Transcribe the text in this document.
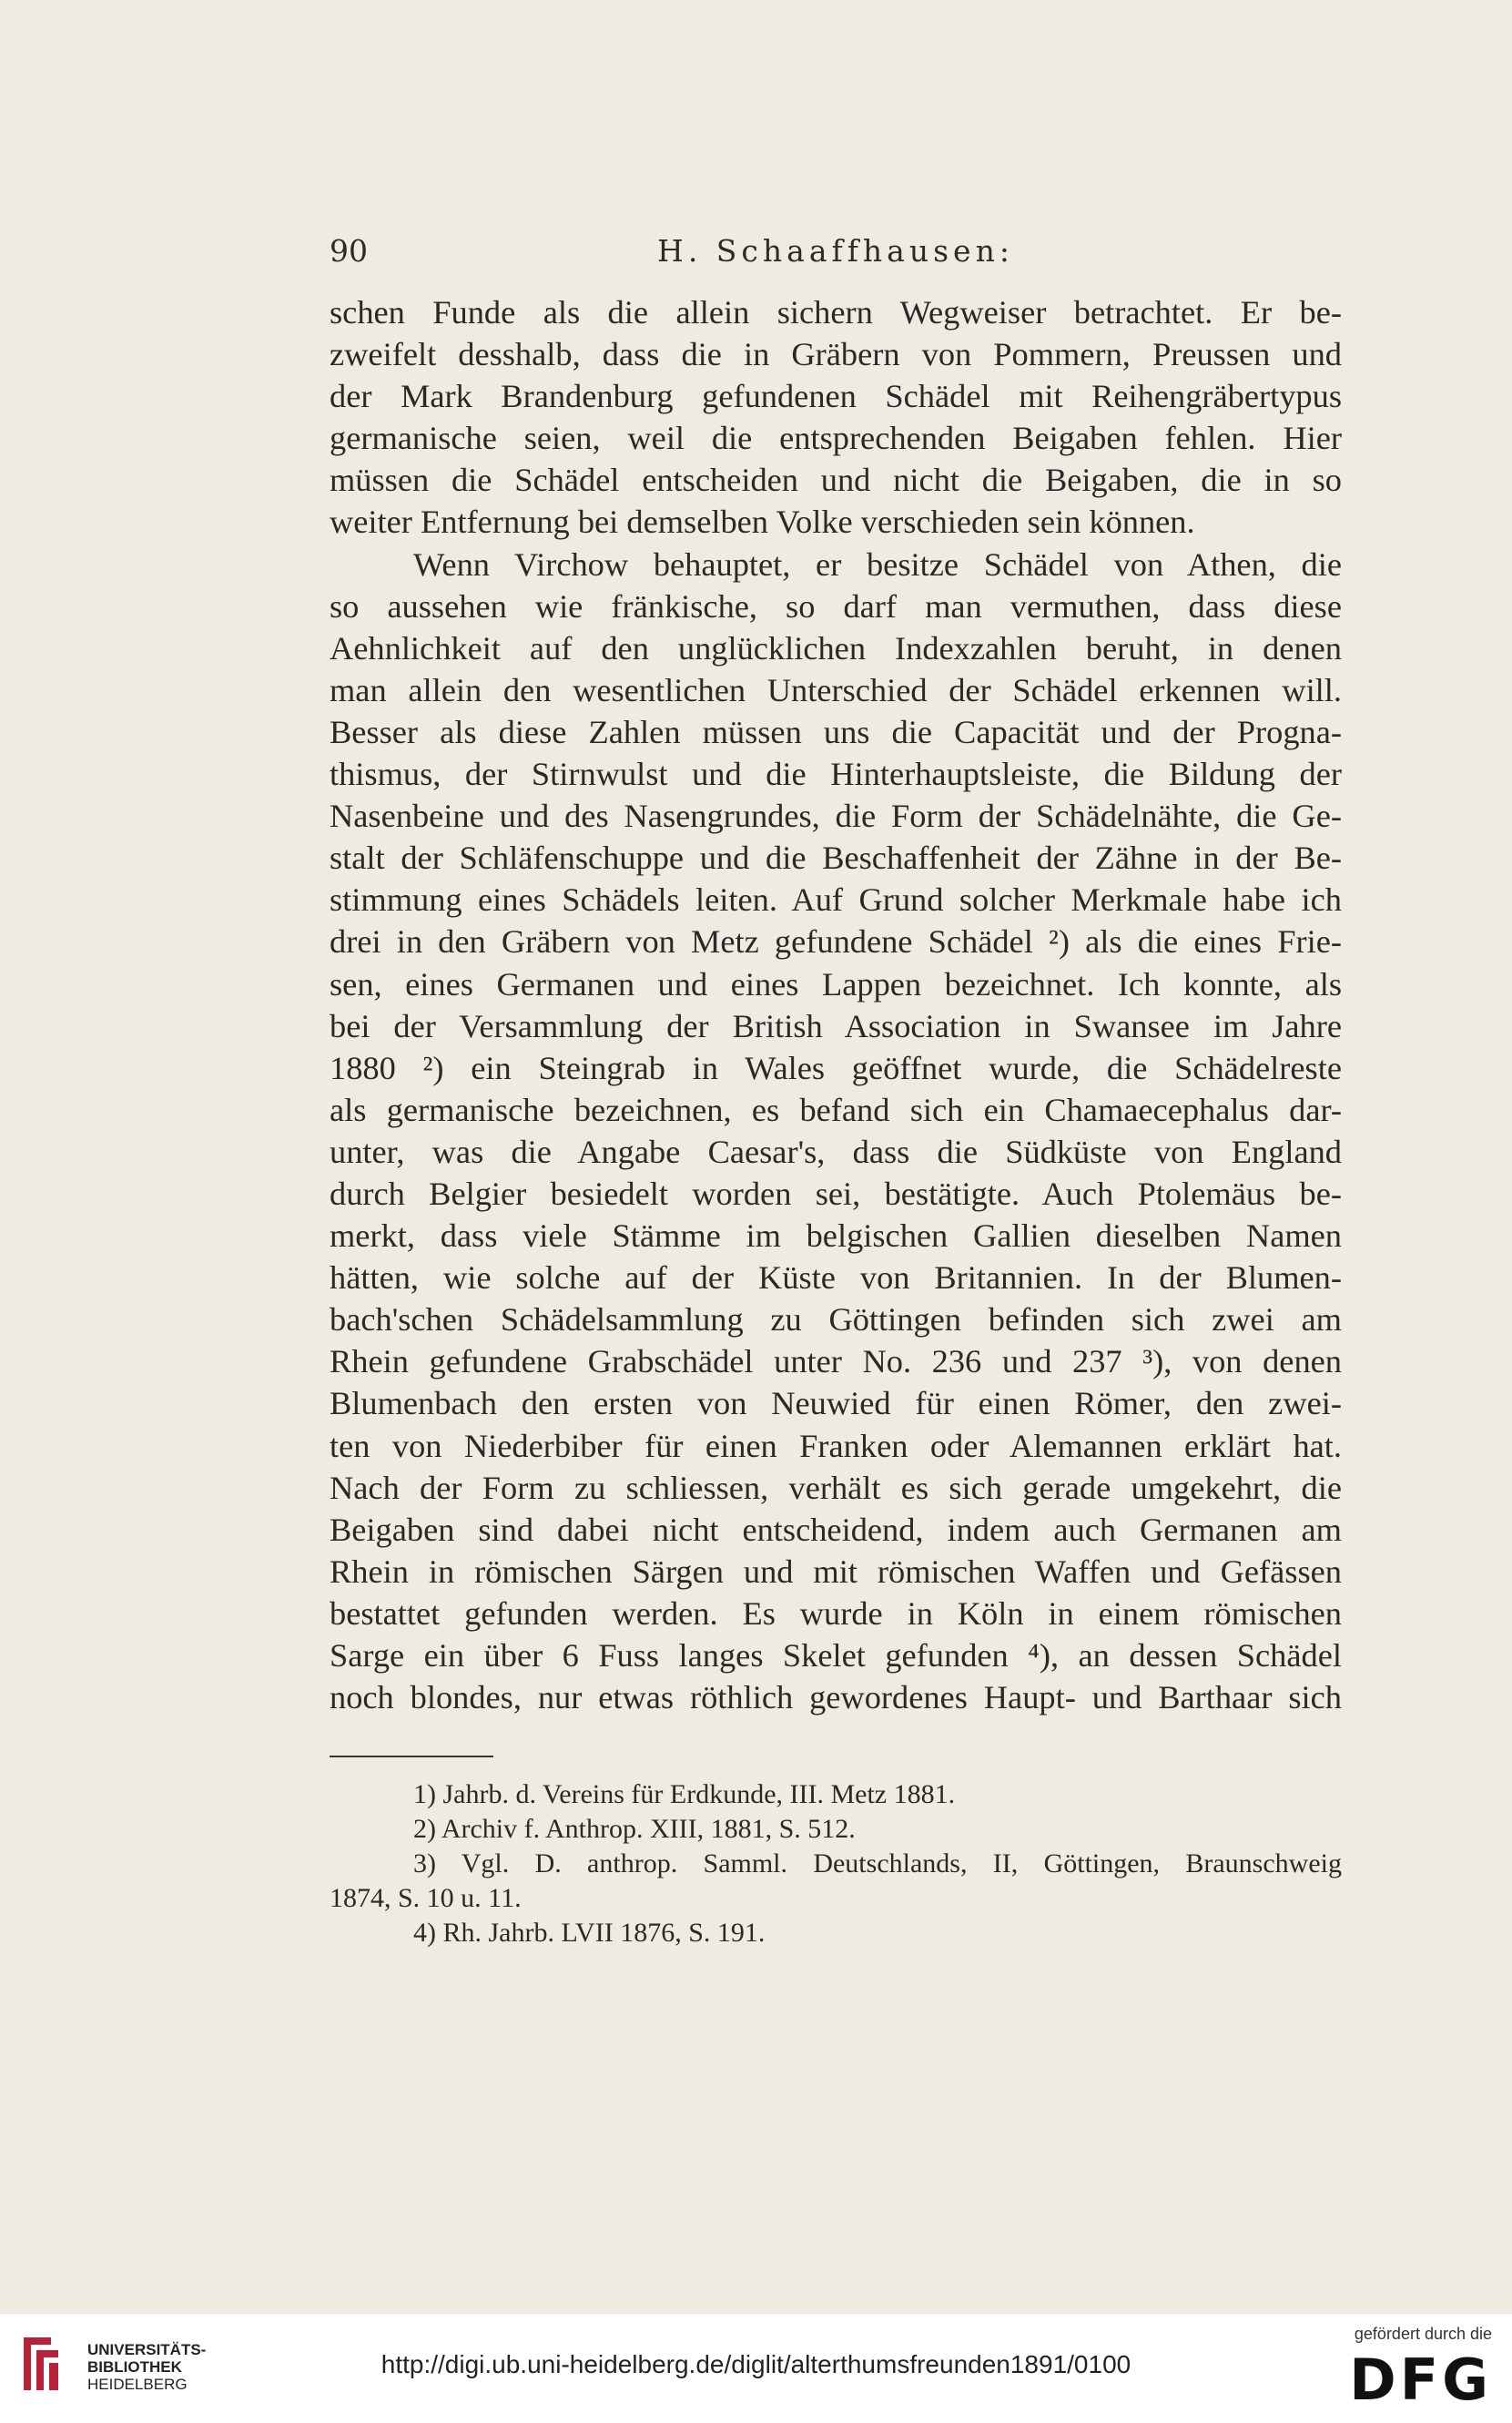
90	H. Schaaffhausen:
schen Funde als die allein sichern Wegweiser betrachtet. Er be-
zweifelt desshalb, dass die in Gräbern von Pommern, Preussen und
der Mark Brandenburg gefundenen Schädel mit Reihengräbertypus
germanische seien, weil die entsprechenden Beigaben fehlen. Hier
müssen die Schädel entscheiden und nicht die Beigaben, die in so
weiter Entfernung bei demselben Volke verschieden sein können.
Wenn Virchow behauptet, er besitze Schädel von Athen, die
so aussehen wie fränkische, so darf man vermuthen, dass diese
Aehnlichkeit auf den unglücklichen Indexzahlen beruht, in denen
man allein den wesentlichen Unterschied der Schädel erkennen will.
Besser als diese Zahlen müssen uns die Capacität und der Progna-
thismus, der Stirnwulst und die Hinterhauptsleiste, die Bildung der
Nasenbeine und des Nasengrundes, die Form der Schädelnähte, die Ge-
stalt der Schläfenschuppe und die Beschaffenheit der Zähne in der Be-
stimmung eines Schädels leiten. Auf Grund solcher Merkmale habe ich
drei in den Gräbern von Metz gefundene Schädel ²) als die eines Frie-
sen, eines Germanen und eines Lappen bezeichnet. Ich konnte, als
bei der Versammlung der British Association in Swansee im Jahre
1880 ²) ein Steingrab in Wales geöffnet wurde, die Schädelreste
als germanische bezeichnen, es befand sich ein Chamaecephalus dar-
unter, was die Angabe Caesar's, dass die Südküste von England
durch Belgier besiedelt worden sei, bestätigte. Auch Ptolemäus be-
merkt, dass viele Stämme im belgischen Gallien dieselben Namen
hätten, wie solche auf der Küste von Britannien. In der Blumen-
bach'schen Schädelsammlung zu Göttingen befinden sich zwei am
Rhein gefundene Grabschädel unter No. 236 und 237 ³), von denen
Blumenbach den ersten von Neuwied für einen Römer, den zwei-
ten von Niederbiber für einen Franken oder Alemannen erklärt hat.
Nach der Form zu schliessen, verhält es sich gerade umgekehrt, die
Beigaben sind dabei nicht entscheidend, indem auch Germanen am
Rhein in römischen Särgen und mit römischen Waffen und Gefässen
bestattet gefunden werden. Es wurde in Köln in einem römischen
Sarge ein über 6 Fuss langes Skelet gefunden ⁴), an dessen Schädel
noch blondes, nur etwas röthlich gewordenes Haupt- und Barthaar sich
1) Jahrb. d. Vereins für Erdkunde, III. Metz 1881.
2) Archiv f. Anthrop. XIII, 1881, S. 512.
3) Vgl. D. anthrop. Samml. Deutschlands, II, Göttingen, Braunschweig
1874, S. 10 u. 11.
4) Rh. Jahrb. LVII 1876, S. 191.
UNIVERSITÄTS-
BIBLIOTHEK
HEIDELBERG
http://digi.ub.uni-heidelberg.de/diglit/alterthumsfreunden1891/0100
gefördert durch die
DFG
